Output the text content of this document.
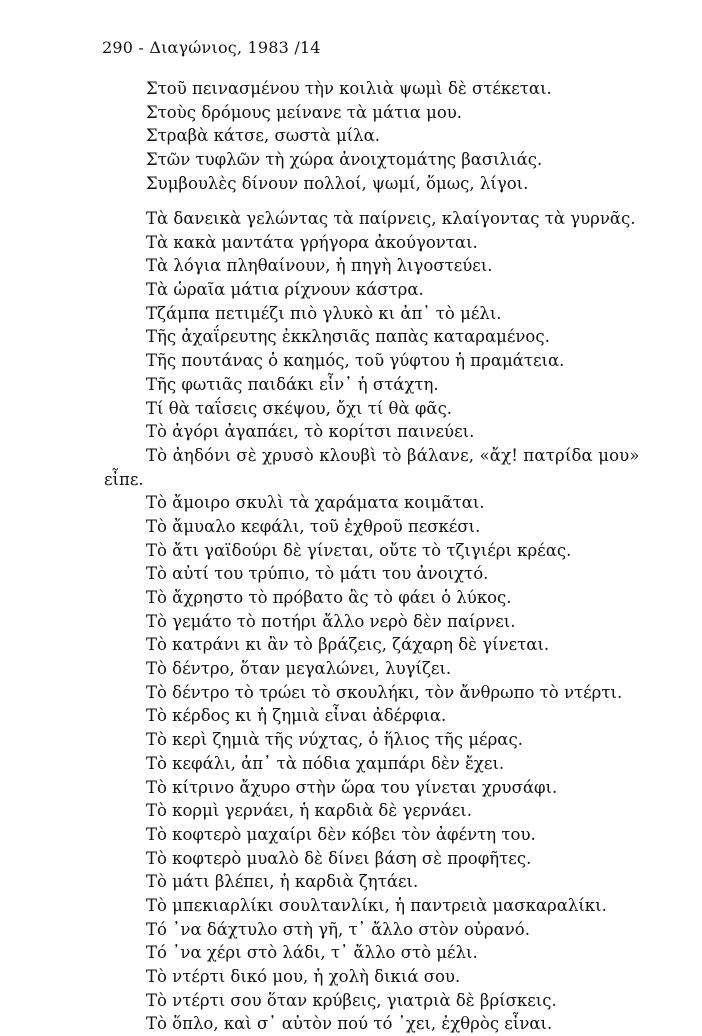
290 - Διαγώνιος, 1983 /14
Στοῦ πεινασμένου τὴν κοιλιὰ ψωμὶ δὲ στέκεται.
Στοὺς δρόμους μείνανε τὰ μάτια μου.
Στραβὰ κάτσε, σωστὰ μίλα.
Στῶν τυφλῶν τὴ χώρα ἀνοιχτομάτης βασιλιάς.
Συμβουλὲς δίνουν πολλοί, ψωμί, ὅμως, λίγοι.
Τὰ δανεικὰ γελώντας τὰ παίρνεις, κλαίγοντας τὰ γυρνᾶς.
Τὰ κακὰ μαντάτα γρήγορα ἀκούγονται.
Τὰ λόγια πληθαίνουν, ἡ πηγὴ λιγοστεύει.
Τὰ ὡραῖα μάτια ρίχνουν κάστρα.
Τζάμπα πετιμέζι πιὸ γλυκὸ κι ἀπ᾽ τὸ μέλι.
Τῆς ἀχαΐρευτης ἐκκλησιᾶς παπὰς καταραμένος.
Τῆς πουτάνας ὁ καημός, τοῦ γύφτου ἡ πραμάτεια.
Τῆς φωτιᾶς παιδάκι εἶν᾽ ἡ στάχτη.
Τί θὰ ταΐσεις σκέψου, ὄχι τί θὰ φᾶς.
Τὸ ἀγόρι ἀγαπάει, τὸ κορίτσι παινεύει.
Τὸ ἀηδόνι σὲ χρυσὸ κλουβὶ τὸ βάλανε, «ἄχ! πατρίδα μου»
εἶπε.
Τὸ ἄμοιρο σκυλὶ τὰ χαράματα κοιμᾶται.
Τὸ ἄμυαλο κεφάλι, τοῦ ἐχθροῦ πεσκέσι.
Τὸ ἄτι γαϊδούρι δὲ γίνεται, οὔτε τὸ τζιγιέρι κρέας.
Τὸ αὐτί του τρύπιο, τὸ μάτι του ἀνοιχτό.
Τὸ ἄχρηστο τὸ πρόβατο ἂς τὸ φάει ὁ λύκος.
Τὸ γεμάτο τὸ ποτήρι ἄλλο νερὸ δὲν παίρνει.
Τὸ κατράνι κι ἂν τὸ βράζεις, ζάχαρη δὲ γίνεται.
Τὸ δέντρο, ὅταν μεγαλώνει, λυγίζει.
Τὸ δέντρο τὸ τρώει τὸ σκουλήκι, τὸν ἄνθρωπο τὸ ντέρτι.
Τὸ κέρδος κι ἡ ζημιὰ εἶναι ἀδέρφια.
Τὸ κερὶ ζημιὰ τῆς νύχτας, ὁ ἥλιος τῆς μέρας.
Τὸ κεφάλι, ἀπ᾽ τὰ πόδια χαμπάρι δὲν ἔχει.
Τὸ κίτρινο ἄχυρο στὴν ὥρα του γίνεται χρυσάφι.
Τὸ κορμὶ γερνάει, ἡ καρδιὰ δὲ γερνάει.
Τὸ κοφτερὸ μαχαίρι δὲν κόβει τὸν ἀφέντη του.
Τὸ κοφτερὸ μυαλὸ δὲ δίνει βάση σὲ προφῆτες.
Τὸ μάτι βλέπει, ἡ καρδιὰ ζητάει.
Τὸ μπεκιαρλίκι σουλτανλίκι, ἡ παντρειὰ μασκαραλίκι.
Τό ᾽να δάχτυλο στὴ γῆ, τ᾽ ἄλλο στὸν οὐρανό.
Τό ᾽να χέρι στὸ λάδι, τ᾽ ἄλλο στὸ μέλι.
Τὸ ντέρτι δικό μου, ἡ χολὴ δικιά σου.
Τὸ ντέρτι σου ὅταν κρύβεις, γιατριὰ δὲ βρίσκεις.
Τὸ ὅπλο, καὶ σ᾽ αὐτὸν πού τό ᾽χει, ἐχθρὸς εἶναι.
